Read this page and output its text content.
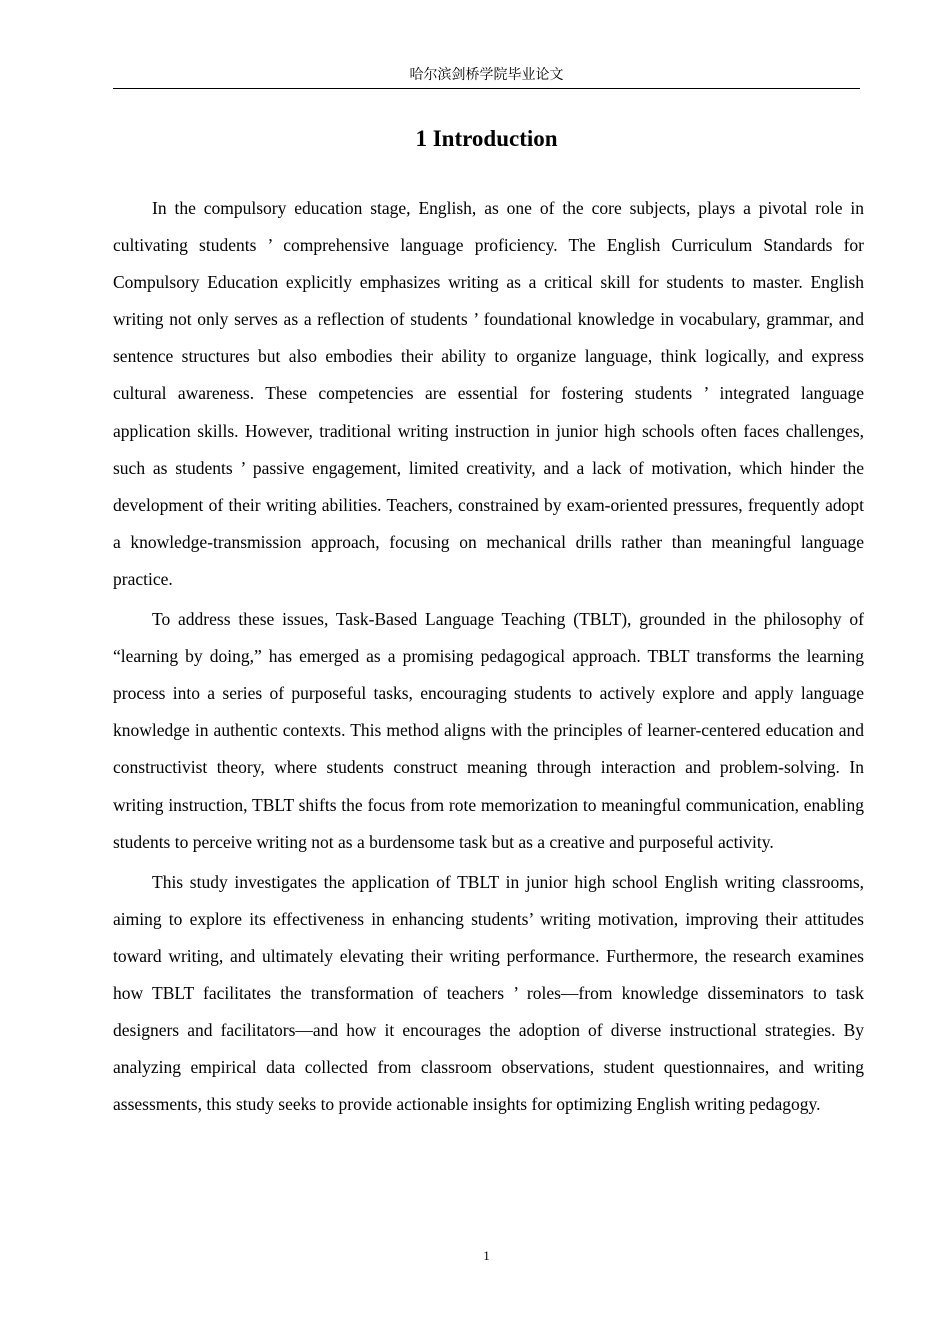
哈尔滨剑桥学院毕业论文
1 Introduction

In the compulsory education stage, English, as one of the core subjects, plays a pivotal role in cultivating students ’ comprehensive language proficiency. The English Curriculum Standards for Compulsory Education explicitly emphasizes writing as a critical skill for students to master. English writing not only serves as a reflection of students ’ foundational knowledge in vocabulary, grammar, and sentence structures but also embodies their ability to organize language, think logically, and express cultural awareness. These competencies are essential for fostering students ’ integrated language application skills. However, traditional writing instruction in junior high schools often faces challenges, such as students ’ passive engagement, limited creativity, and a lack of motivation, which hinder the development of their writing abilities. Teachers, constrained by exam-oriented pressures, frequently adopt a knowledge-transmission approach, focusing on mechanical drills rather than meaningful language practice.

To address these issues, Task-Based Language Teaching (TBLT), grounded in the philosophy of “learning by doing,” has emerged as a promising pedagogical approach. TBLT transforms the learning process into a series of purposeful tasks, encouraging students to actively explore and apply language knowledge in authentic contexts. This method aligns with the principles of learner-centered education and constructivist theory, where students construct meaning through interaction and problem-solving. In writing instruction, TBLT shifts the focus from rote memorization to meaningful communication, enabling students to perceive writing not as a burdensome task but as a creative and purposeful activity.

This study investigates the application of TBLT in junior high school English writing classrooms, aiming to explore its effectiveness in enhancing students’ writing motivation, improving their attitudes toward writing, and ultimately elevating their writing performance. Furthermore, the research examines how TBLT facilitates the transformation of teachers ’ roles—from knowledge disseminators to task designers and facilitators—and how it encourages the adoption of diverse instructional strategies. By analyzing empirical data collected from classroom observations, student questionnaires, and writing assessments, this study seeks to provide actionable insights for optimizing English writing pedagogy.

1
